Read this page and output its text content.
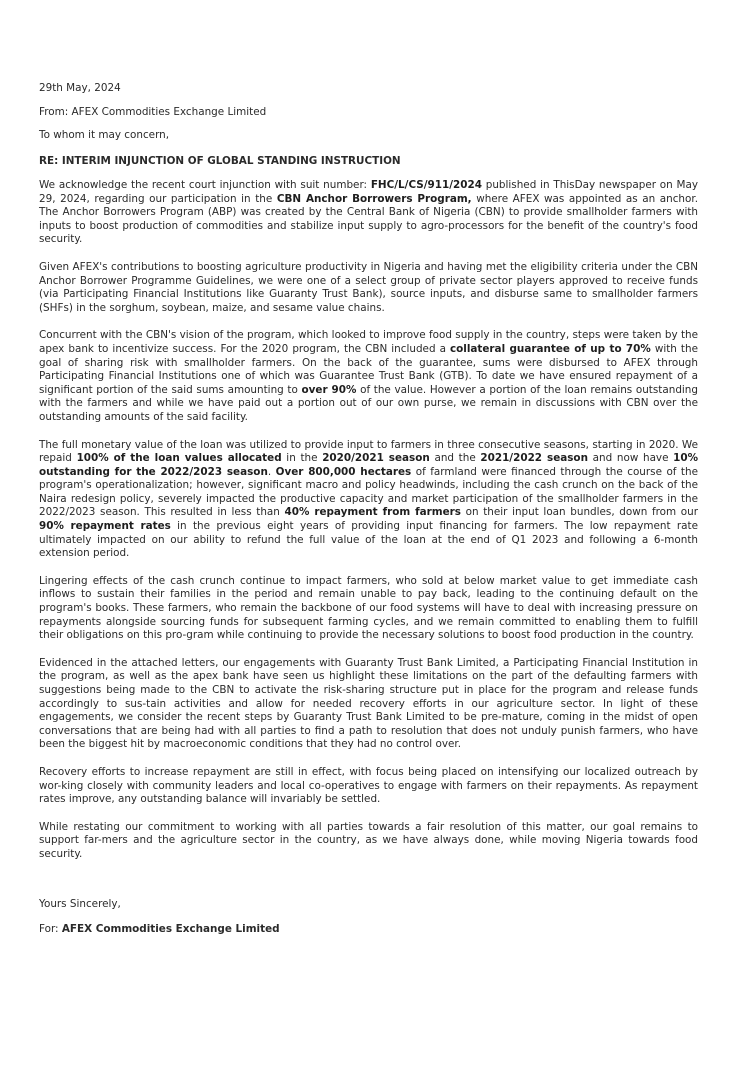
29th May, 2024

From: AFEX Commodities Exchange Limited

To whom it may concern,

RE: INTERIM INJUNCTION OF GLOBAL STANDING INSTRUCTION

We acknowledge the recent court injunction with suit number: FHC/L/CS/911/2024 published in ThisDay newspaper on May 29, 2024, regarding our participation in the CBN Anchor Borrowers Program, where AFEX was appointed as an anchor. The Anchor Borrowers Program (ABP) was created by the Central Bank of Nigeria (CBN) to provide smallholder farmers with inputs to boost production of commodities and stabilize input supply to agro-processors for the benefit of the country's food security.

Given AFEX's contributions to boosting agriculture productivity in Nigeria and having met the eligibility criteria under the CBN Anchor Borrower Programme Guidelines, we were one of a select group of private sector players approved to receive funds (via Participating Financial Institutions like Guaranty Trust Bank), source inputs, and disburse same to smallholder farmers (SHFs) in the sorghum, soybean, maize, and sesame value chains.

Concurrent with the CBN's vision of the program, which looked to improve food supply in the country, steps were taken by the apex bank to incentivize success. For the 2020 program, the CBN included a collateral guarantee of up to 70% with the goal of sharing risk with smallholder farmers. On the back of the guarantee, sums were disbursed to AFEX through Participating Financial Institutions one of which was Guarantee Trust Bank (GTB). To date we have ensured repayment of a significant portion of the said sums amounting to over 90% of the value. However a portion of the loan remains outstanding with the farmers and while we have paid out a portion out of our own purse, we remain in discussions with CBN over the outstanding amounts of the said facility.

The full monetary value of the loan was utilized to provide input to farmers in three consecutive seasons, starting in 2020. We repaid 100% of the loan values allocated in the 2020/2021 season and the 2021/2022 season and now have 10% outstanding for the 2022/2023 season. Over 800,000 hectares of farmland were financed through the course of the program's operationalization; however, significant macro and policy headwinds, including the cash crunch on the back of the Naira redesign policy, severely impacted the productive capacity and market participation of the smallholder farmers in the 2022/2023 season. This resulted in less than 40% repayment from farmers on their input loan bundles, down from our 90% repayment rates in the previous eight years of providing input financing for farmers. The low repayment rate ultimately impacted on our ability to refund the full value of the loan at the end of Q1 2023 and following a 6-month extension period.

Lingering effects of the cash crunch continue to impact farmers, who sold at below market value to get immediate cash inflows to sustain their families in the period and remain unable to pay back, leading to the continuing default on the program's books. These farmers, who remain the backbone of our food systems will have to deal with increasing pressure on repayments alongside sourcing funds for subsequent farming cycles, and we remain committed to enabling them to fulfill their obligations on this pro-gram while continuing to provide the necessary solutions to boost food production in the country.

Evidenced in the attached letters, our engagements with Guaranty Trust Bank Limited, a Participating Financial Institution in the program, as well as the apex bank have seen us highlight these limitations on the part of the defaulting farmers with suggestions being made to the CBN to activate the risk-sharing structure put in place for the program and release funds accordingly to sus-tain activities and allow for needed recovery efforts in our agriculture sector. In light of these engagements, we consider the recent steps by Guaranty Trust Bank Limited to be pre-mature, coming in the midst of open conversations that are being had with all parties to find a path to resolution that does not unduly punish farmers, who have been the biggest hit by macroeconomic conditions that they had no control over.

Recovery efforts to increase repayment are still in effect, with focus being placed on intensifying our localized outreach by wor-king closely with community leaders and local co-operatives to engage with farmers on their repayments. As repayment rates improve, any outstanding balance will invariably be settled.

While restating our commitment to working with all parties towards a fair resolution of this matter, our goal remains to support far-mers and the agriculture sector in the country, as we have always done, while moving Nigeria towards food security.

Yours Sincerely,

For: AFEX Commodities Exchange Limited
